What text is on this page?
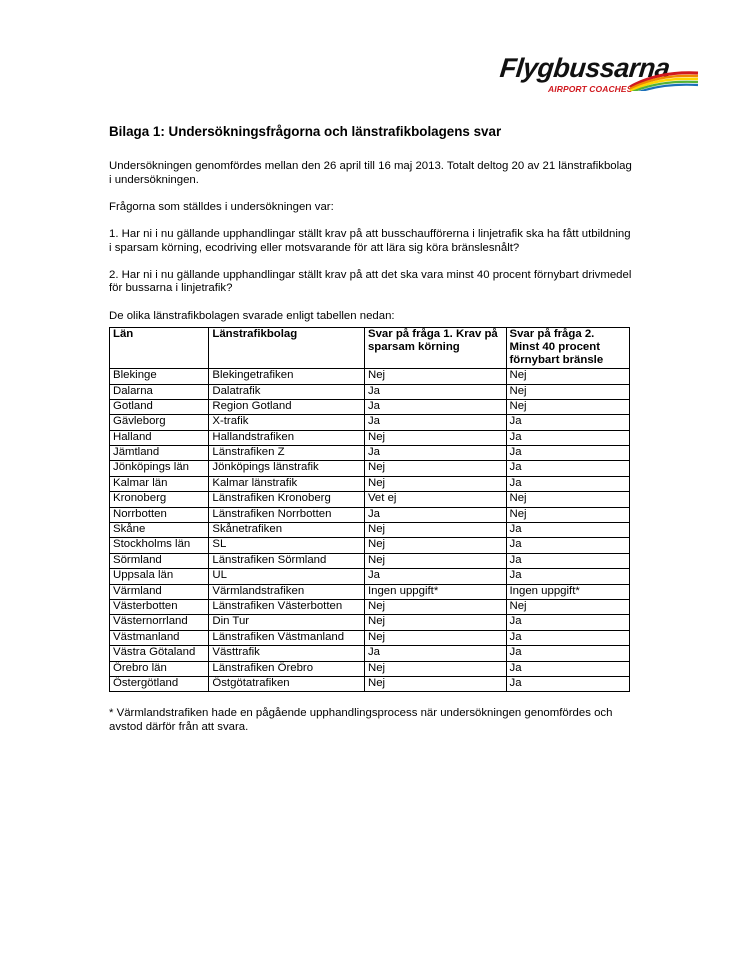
Flygbussarna
AIRPORT COACHES
Bilaga 1: Undersökningsfrågorna och länstrafikbolagens svar

Undersökningen genomfördes mellan den 26 april till 16 maj 2013. Totalt deltog 20 av 21 länstrafikbolag i undersökningen.

Frågorna som ställdes i undersökningen var:

1. Har ni i nu gällande upphandlingar ställt krav på att busschaufförerna i linjetrafik ska ha fått utbildning i sparsam körning, ecodriving eller motsvarande för att lära sig köra bränslesnålt?

2. Har ni i nu gällande upphandlingar ställt krav på att det ska vara minst 40 procent förnybart drivmedel för bussarna i linjetrafik?

De olika länstrafikbolagen svarade enligt tabellen nedan:

Län	Länstrafikbolag	Svar på fråga 1. Krav på sparsam körning	Svar på fråga 2. Minst 40 procent förnybart bränsle
Blekinge	Blekingetrafiken	Nej	Nej
Dalarna	Dalatrafik	Ja	Nej
Gotland	Region Gotland	Ja	Nej
Gävleborg	X-trafik	Ja	Ja
Halland	Hallandstrafiken	Nej	Ja
Jämtland	Länstrafiken Z	Ja	Ja
Jönköpings län	Jönköpings länstrafik	Nej	Ja
Kalmar län	Kalmar länstrafik	Nej	Ja
Kronoberg	Länstrafiken Kronoberg	Vet ej	Nej
Norrbotten	Länstrafiken Norrbotten	Ja	Nej
Skåne	Skånetrafiken	Nej	Ja
Stockholms län	SL	Nej	Ja
Sörmland	Länstrafiken Sörmland	Nej	Ja
Uppsala län	UL	Ja	Ja
Värmland	Värmlandstrafiken	Ingen uppgift*	Ingen uppgift*
Västerbotten	Länstrafiken Västerbotten	Nej	Nej
Västernorrland	Din Tur	Nej	Ja
Västmanland	Länstrafiken Västmanland	Nej	Ja
Västra Götaland	Västtrafik	Ja	Ja
Örebro län	Länstrafiken Örebro	Nej	Ja
Östergötland	Östgötatrafiken	Nej	Ja

* Värmlandstrafiken hade en pågående upphandlingsprocess när undersökningen genomfördes och avstod därför från att svara.
